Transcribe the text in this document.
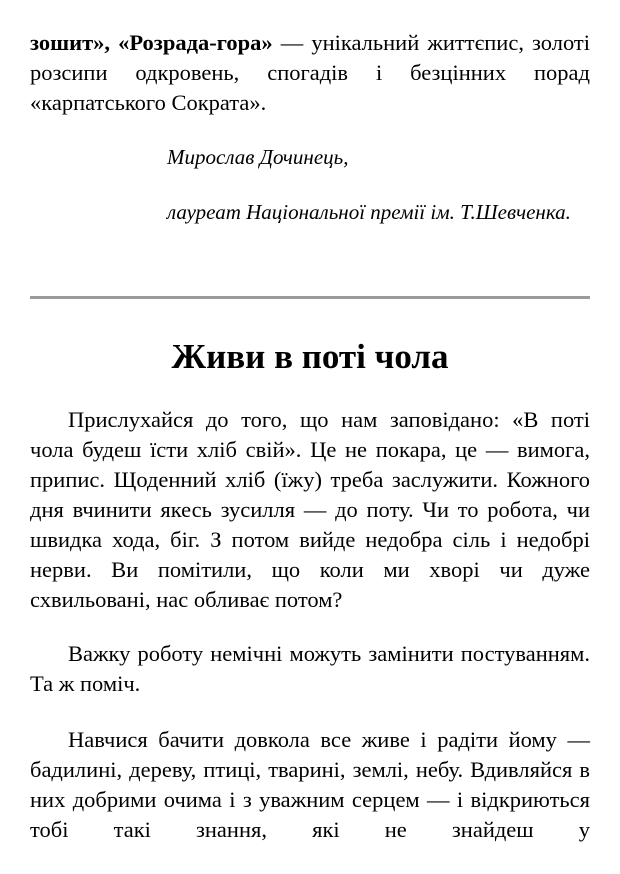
зошит», «Розрада-гора» — унікальний життєпис, золоті розсипи одкровень, спогадів і безцінних порад «карпатського Сократа».

Мирослав Дочинець,

лауреат Національної премії ім. Т.Шевченка.

Живи в поті чола

Прислухайся до того, що нам заповідано: «В поті чола будеш їсти хліб свій». Це не покара, це — вимога, припис. Щоденний хліб (їжу) треба заслужити. Кожного дня вчинити якесь зусилля — до поту. Чи то робота, чи швидка хода, біг. З потом вийде недобра сіль і недобрі нерви. Ви помітили, що коли ми хворі чи дуже схвильовані, нас обливає потом?

Важку роботу немічні можуть замінити постуванням. Та ж поміч.

Навчися бачити довкола все живе і радіти йому — бадилині, дереву, птиці, тварині, землі, небу. Вдивляйся в них добрими очима і з уважним серцем — і відкриються тобі такі знання, які не знайдеш у
